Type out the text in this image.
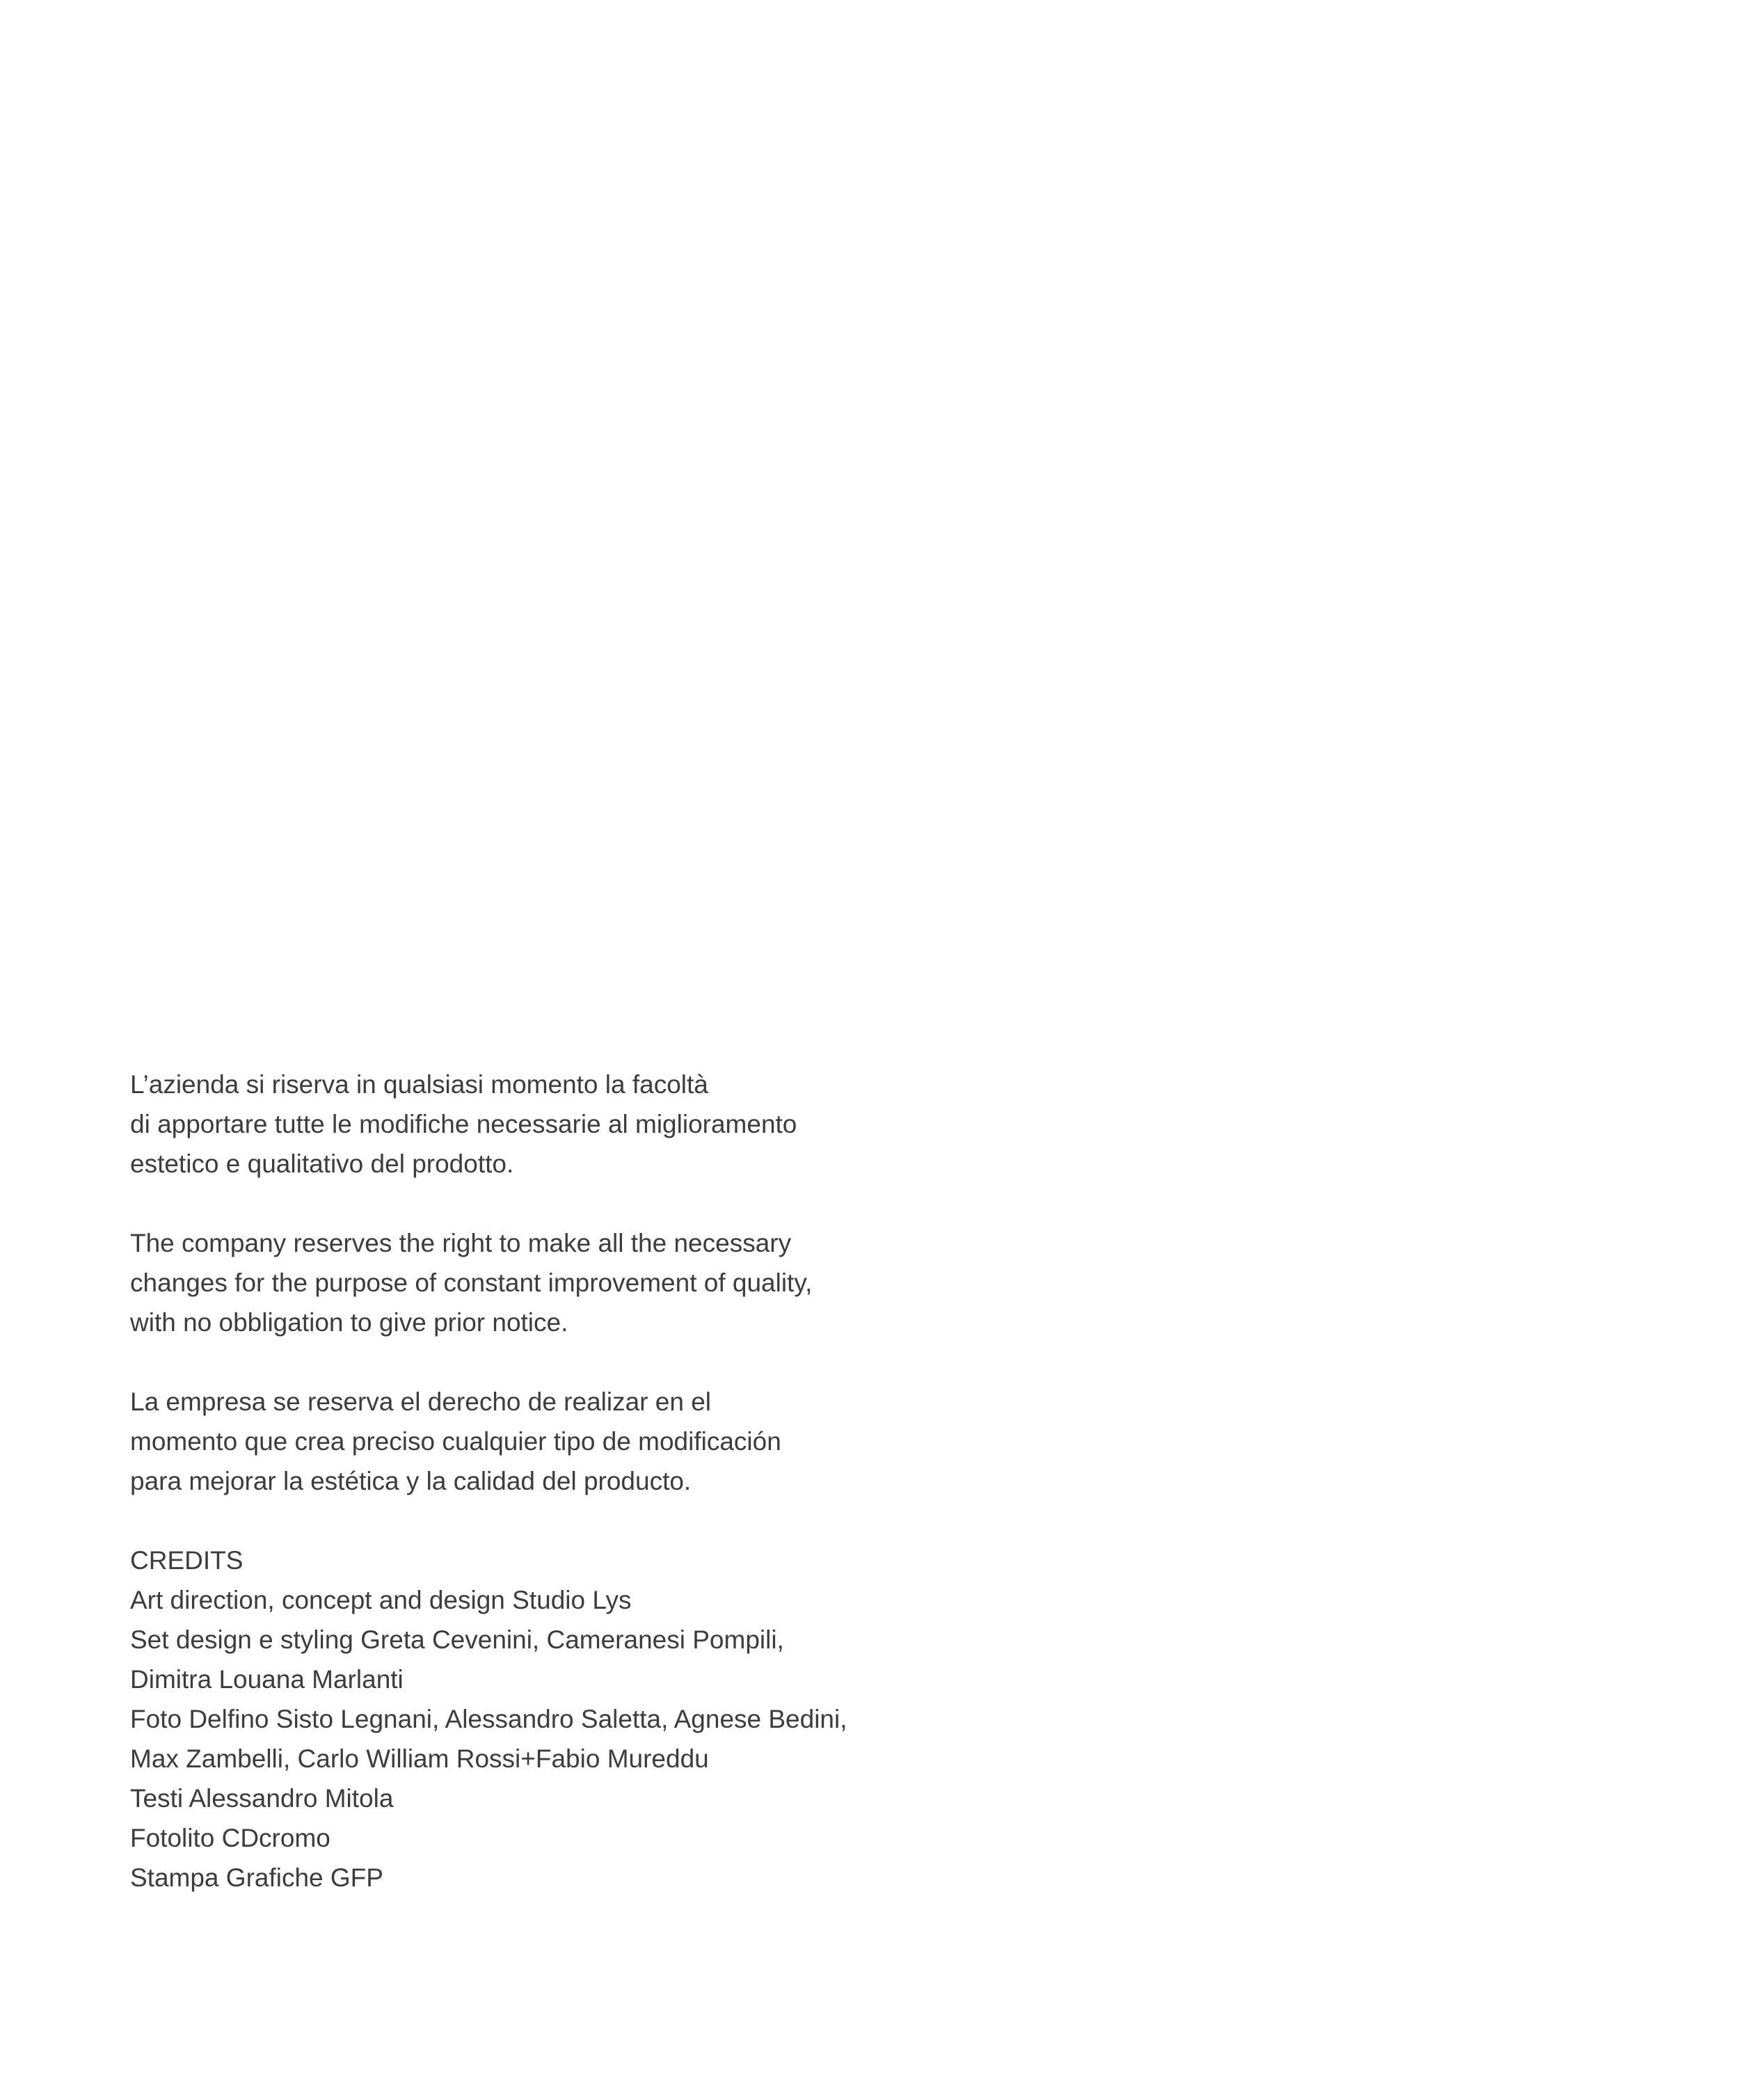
L’azienda si riserva in qualsiasi momento la facoltà
di apportare tutte le modifiche necessarie al miglioramento
estetico e qualitativo del prodotto.
The company reserves the right to make all the necessary
changes for the purpose of constant improvement of quality,
with no obbligation to give prior notice.
La empresa se reserva el derecho de realizar en el
momento que crea preciso cualquier tipo de modificación
para mejorar la estética y la calidad del producto.
CREDITS
Art direction, concept and design Studio Lys
Set design e styling Greta Cevenini, Cameranesi Pompili,
Dimitra Louana Marlanti
Foto Delfino Sisto Legnani, Alessandro Saletta, Agnese Bedini,
Max Zambelli, Carlo William Rossi+Fabio Mureddu
Testi Alessandro Mitola
Fotolito CDcromo
Stampa Grafiche GFP
